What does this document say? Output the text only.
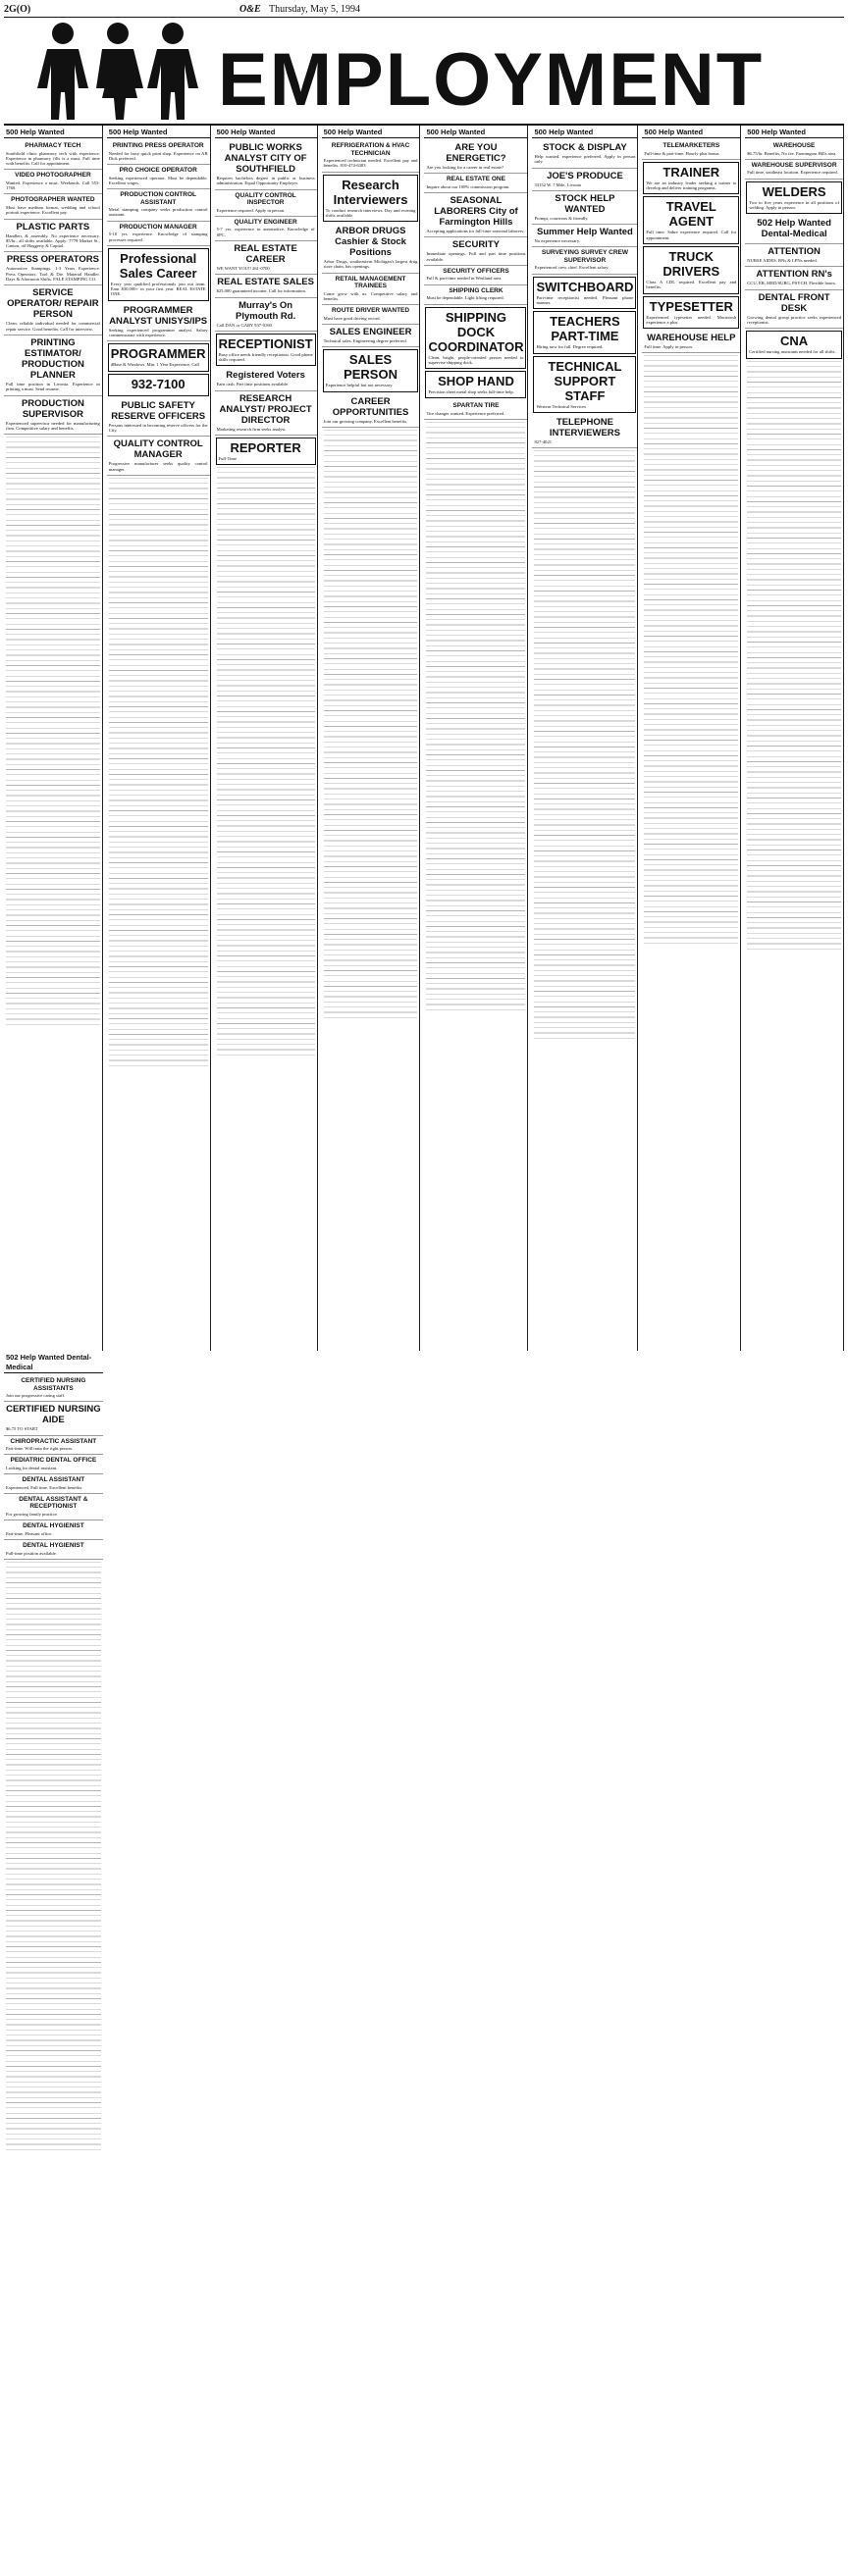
2G(O)	O&E Thursday, May 5, 1994
EMPLOYMENT
500 Help Wanted
PHARMACY TECH
Southfield clinic pharmacy tech with experience. Experience in pharmacy fills is a must. Full time with benefits. Call for appointment.
VIDEO PHOTOGRAPHER
Wanted. Experience a must. Weekends. Call 553-1760.
PHOTOGRAPHER WANTED
Must have medium format, wedding and school portrait experience. Excellent pay.
PLASTIC PARTS
Handlers & assembly. No experience necessary. $5/hr., all shifts available. Apply: 7779 Market St., Canton, off Haggerty & Capital.
PRESS OPERATORS
Automotive Stampings. 1-3 Years Experience. Press Operators. Tool & Die. Material Handler. Days & Afternoon Shifts. FALE STAMPING CO.
SERVICE OPERATOR/ REPAIR PERSON
Clean, reliable individual needed for commercial repair service. Good benefits. Call for interview.
PRINTING ESTIMATOR/ PRODUCTION PLANNER
Full time position in Livonia. Experience in printing a must. Send resume.
PRODUCTION SUPERVISOR
Experienced supervisor needed for manufacturing firm. Competitive salary and benefits.
500 Help Wanted
PRINTING PRESS OPERATOR
Needed for busy quick print shop. Experience on AB Dick preferred.
PRO CHOICE OPERATOR
Seeking experienced operator. Must be dependable. Excellent wages.
PRODUCTION CONTROL ASSISTANT
Metal stamping company seeks production control assistant.
PRODUCTION MANAGER
5-10 yrs. experience. Knowledge of stamping processes required.
Professional Sales Career
Every year qualified professionals join our team. Earn $30,000+ in your first year. REAL ESTATE ONE.
PROGRAMMER ANALYST UNISYS/IPS
Seeking experienced programmer analyst. Salary commensurate with experience.
PROGRAMMER
dBase & Windows. Min. 1 Year Experience. Call
932-7100
PUBLIC SAFETY RESERVE OFFICERS
Persons interested in becoming reserve officers for the City.
QUALITY CONTROL MANAGER
Progressive manufacturer seeks quality control manager.
500 Help Wanted
PUBLIC WORKS ANALYST CITY OF SOUTHFIELD
Requires bachelors degree in public or business administration. Equal Opportunity Employer.
QUALITY CONTROL INSPECTOR
Experience required. Apply in person.
QUALITY ENGINEER
5-7 yrs. experience in automotive. Knowledge of SPC.
REAL ESTATE CAREER
WE WANT YOU!! 261-0700
REAL ESTATE SALES
$25,000 guaranteed income. Call for information.
Murray's On Plymouth Rd.
Call DAN or GARY 937-0160
RECEPTIONIST
Busy office needs friendly receptionist. Good phone skills required.
Registered Voters
Earn cash. Part time positions available.
RESEARCH ANALYST/ PROJECT DIRECTOR
Marketing research firm seeks analyst.
REPORTER
Full-Time
500 Help Wanted
REFRIGERATION & HVAC TECHNICIAN
Experienced technician needed. Excellent pay and benefits. 810-474-6383
Research Interviewers
To conduct research interviews. Day and evening shifts available.
ARBOR DRUGS Cashier & Stock Positions
Arbor Drugs, southeastern Michigan's largest drug store chain, has openings.
RETAIL MANAGEMENT TRAINEES
Come grow with us. Competitive salary and benefits.
ROUTE DRIVER WANTED
Must have good driving record.
SALES ENGINEER
Technical sales. Engineering degree preferred.
SALES PERSON
Experience helpful but not necessary.
CAREER OPPORTUNITIES
Join our growing company. Excellent benefits.
500 Help Wanted
ARE YOU ENERGETIC?
Are you looking for a career in real estate?
REAL ESTATE ONE
Inquire about our 100% commission program.
SEASONAL LABORERS City of Farmington Hills
Accepting applications for full-time seasonal laborers.
SECURITY
Immediate openings. Full and part time positions available.
SECURITY OFFICERS
Full & part-time needed in Westland area.
SHIPPING CLERK
Must be dependable. Light lifting required.
SHIPPING DOCK COORDINATOR
Clean, bright, people-oriented person needed to supervise shipping dock.
SHOP HAND
Precision sheet metal shop seeks full-time help.
SPARTAN TIRE
Tire changer wanted. Experience preferred.
500 Help Wanted
STOCK & DISPLAY
Help wanted, experience preferred. Apply in person only.
JOE'S PRODUCE
33152 W. 7 Mile, Livonia
STOCK HELP WANTED
Prompt, courteous & friendly.
Summer Help Wanted
No experience necessary.
SURVEYING SURVEY CREW SUPERVISOR
Experienced crew chief. Excellent salary.
SWITCHBOARD
Part-time receptionist needed. Pleasant phone manner.
TEACHERS PART-TIME
Hiring now for fall. Degree required.
TECHNICAL SUPPORT STAFF
Western Technical Services
TELEPHONE INTERVIEWERS
827-4021
500 Help Wanted
TELEMARKETERS
Full-time & part-time. Hourly plus bonus.
TRAINER
We are an industry leader seeking a trainer to develop and deliver training programs.
TRAVEL AGENT
Full time. Sabre experience required. Call for appointment.
TRUCK DRIVERS
Class A CDL required. Excellent pay and benefits.
TYPESETTER
Experienced typesetter needed. Macintosh experience a plus.
WAREHOUSE HELP
Full time. Apply in person.
500 Help Wanted
WAREHOUSE
$6.75/hr. Benefits. No fee. Farmington Hills area.
WAREHOUSE SUPERVISOR
Full time, southeast location. Experience required.
WELDERS
Two to five years experience in all positions of welding. Apply in person.
502 Help Wanted Dental-Medical
ATTENTION
NURSE AIDES. RNs & LPNs needed.
ATTENTION RN's
CCU, ER, MED/SURG, PSYCH. Flexible hours.
DENTAL FRONT DESK
Growing dental group practice seeks experienced receptionist.
CNA
Certified nursing assistants needed for all shifts.
502 Help Wanted Dental-Medical
CERTIFIED NURSING ASSISTANTS
Join our progressive caring staff.
CERTIFIED NURSING AIDE
$6.75 TO START
CHIROPRACTIC ASSISTANT
Part-time. Will train the right person.
PEDIATRIC DENTAL OFFICE
Looking for dental assistant.
DENTAL ASSISTANT
Experienced. Full time. Excellent benefits.
DENTAL ASSISTANT & RECEPTIONIST
For growing family practice.
DENTAL HYGIENIST
Part-time. Pleasant office.
DENTAL HYGIENIST
Full-time position available.
